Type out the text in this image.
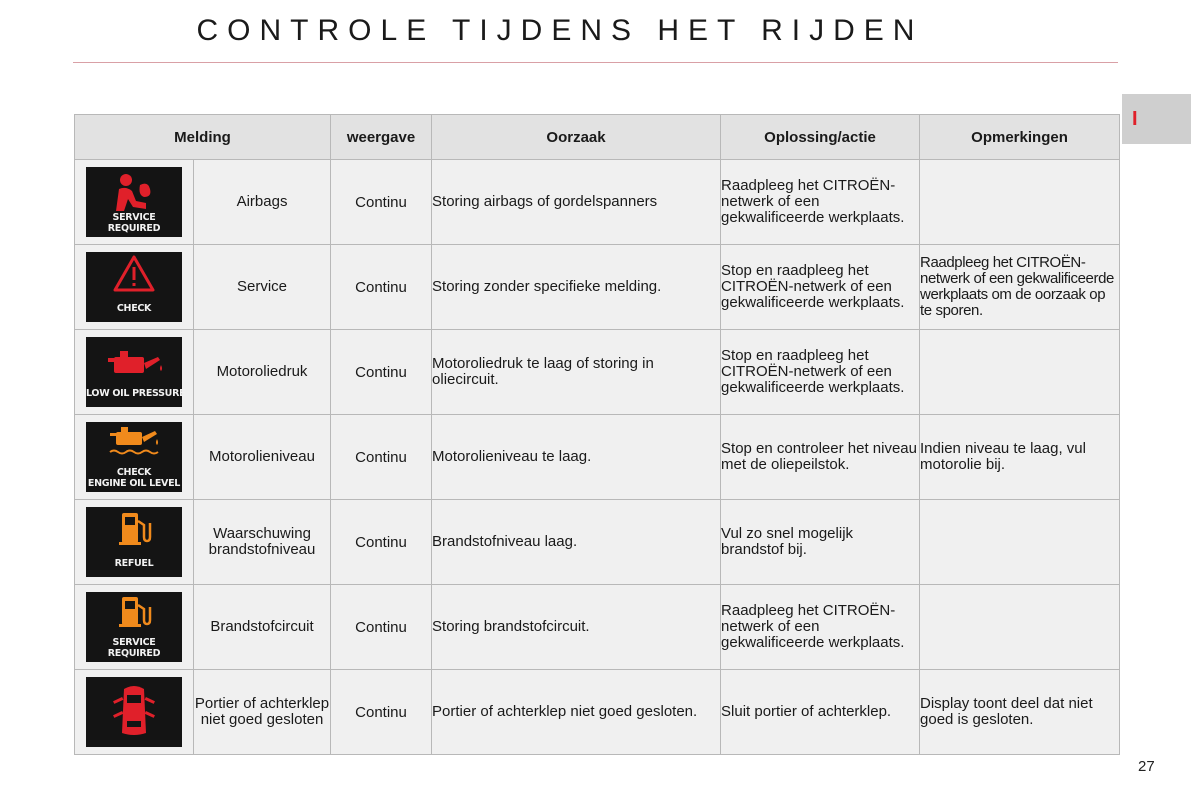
CONTROLE TIJDENS HET RIJDEN
I
Melding		weergave	Oorzaak	Oplossing/actie	Opmerkingen

SERVICE
REQUIRED	Airbags	Continu	Storing airbags of gordelspanners	Raadpleeg het CITROËN-netwerk of een gekwalificeerde werkplaats.	

CHECK	Service	Continu	Storing zonder specifieke melding.	Stop en raadpleeg het CITROËN-netwerk of een gekwalificeerde werkplaats.	Raadpleeg het CITROËN-netwerk of een gekwalificeerde werkplaats om de oorzaak op te sporen.

LOW OIL PRESSURE	Motoroliedruk	Continu	Motoroliedruk te laag of storing in oliecircuit.	Stop en raadpleeg het CITROËN-netwerk of een gekwalificeerde werkplaats.	

CHECK
ENGINE OIL LEVEL	Motorolieniveau	Continu	Motorolieniveau te laag.	Stop en controleer het niveau met de oliepeilstok.	Indien niveau te laag, vul motorolie bij.

REFUEL	Waarschuwing brandstofniveau	Continu	Brandstofniveau laag.	Vul zo snel mogelijk brandstof bij.	

SERVICE
REQUIRED	Brandstofcircuit	Continu	Storing brandstofcircuit.	Raadpleeg het CITROËN-netwerk of een gekwalificeerde werkplaats.	

	Portier of achterklep niet goed gesloten	Continu	Portier of achterklep niet goed gesloten.	Sluit portier of achterklep.	Display toont deel dat niet goed is gesloten.
27
